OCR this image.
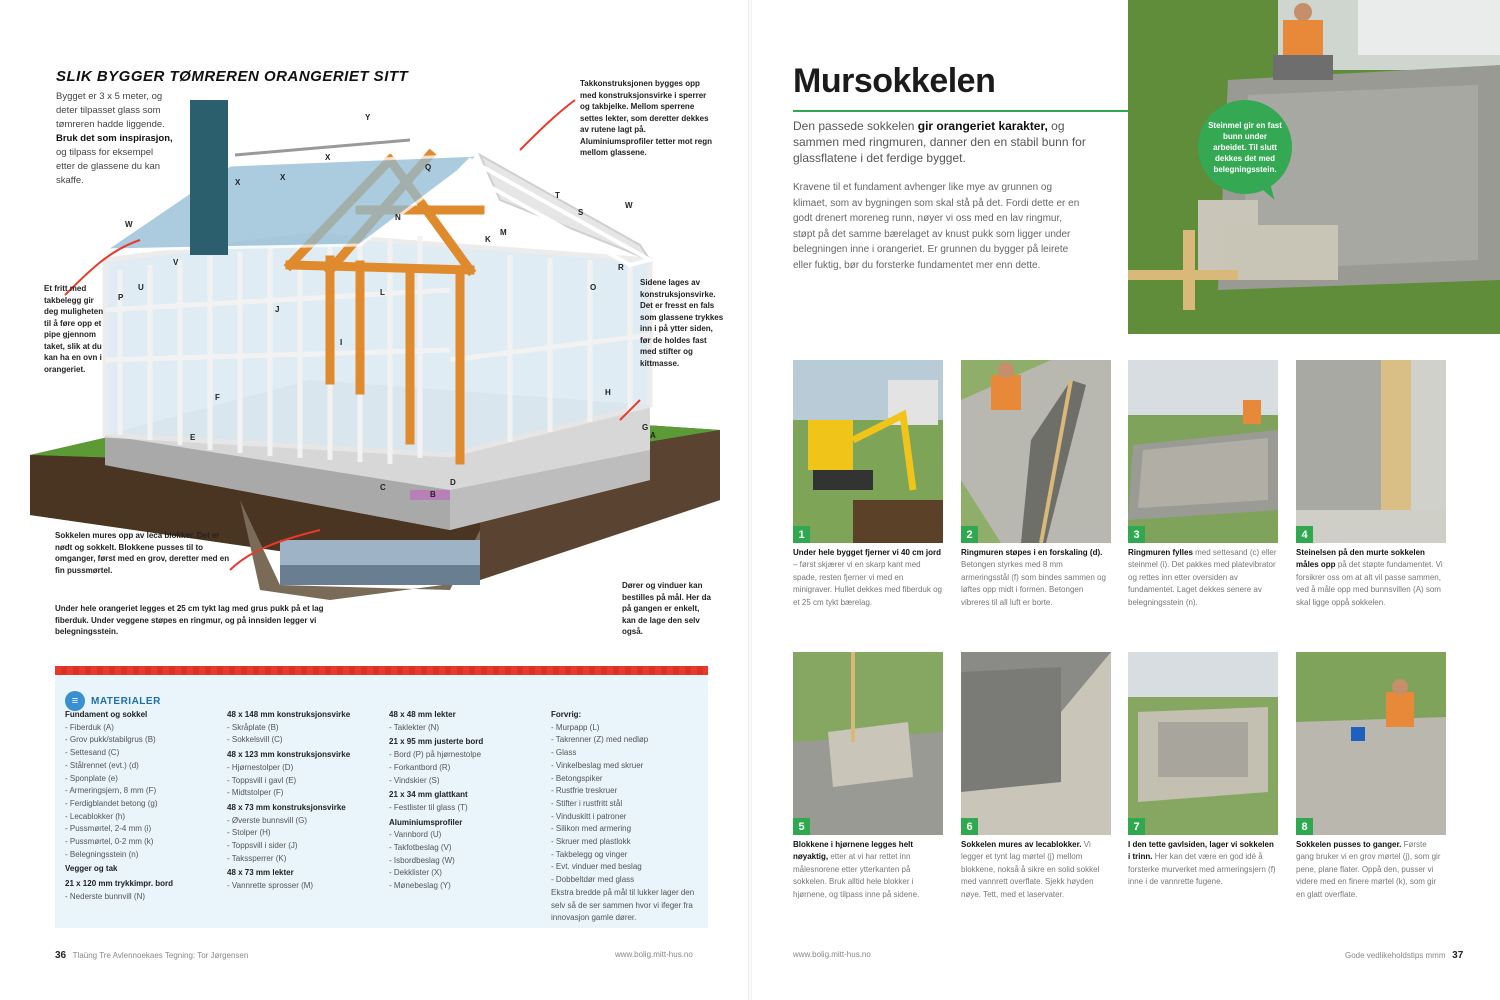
SLIK BYGGER TØMREREN ORANGERIET SITT
Bygget er 3 x 5 meter, og deter tilpasset glass som tømreren hadde liggende. Bruk det som inspirasjon, og tilpass for eksempel etter de glassene du kan skaffe.
Y
X
X
X
W
W
V
U
T
S
R
Q
P
O
N
M
L
K
J
I
H
G
F
E
D
C
B
A
Takkonstruksjonen bygges opp med konstruksjonsvirke i sperrer og takbjelke. Mellom sperrene settes lekter, som deretter dekkes av rutene lagt på. Aluminiumsprofiler tetter mot regn mellom glassene.
Et fritt med takbelegg gir deg muligheten til å føre opp et pipe gjennom taket, slik at du kan ha en ovn i orangeriet.
Sidene lages av konstruksjonsvirke. Det er fresst en fals som glassene trykkes inn i på ytter siden, før de holdes fast med stifter og kittmasse.
Sokkelen mures opp av leca blokker. Det er nødt og sokkelt. Blokkene pusses til to omganger, først med en grov, deretter med en fin pussmørtel.
Under hele orangeriet legges et 25 cm tykt lag med grus pukk på et lag fiberduk. Under veggene støpes en ringmur, og på innsiden legger vi belegningsstein.
Dører og vinduer kan bestilles på mål. Her da på gangen er enkelt, kan de lage den selv også.
≡	MATERIALER
Fundament og sokkel
- Fiberduk (A)
- Grov pukk/stabilgrus (B)
- Settesand (C)
- Stålrennet (evt.) (d)
- Sponplate (e)
- Armeringsjern, 8 mm (F)
- Ferdigblandet betong (g)
- Lecablokker (h)
- Pussmørtel, 2-4 mm (i)
- Pussmørtel, 0-2 mm (k)
- Belegningsstein (n)
Vegger og tak
21 x 120 mm trykkimpr. bord
- Nederste bunnvill (N)
48 x 148 mm konstruksjonsvirke
- Skråplate (B)
- Sokkelsvill (C)
48 x 123 mm konstruksjonsvirke
- Hjørnestolper (D)
- Toppsvill i gavl (E)
- Midtstolper (F)
48 x 73 mm konstruksjonsvirke
- Øverste bunnsvill (G)
- Stolper (H)
- Toppsvill i sider (J)
- Takssperrer (K)
48 x 73 mm lekter
- Vannrette sprosser (M)
48 x 48 mm lekter
- Taklekter (N)
21 x 95 mm justerte bord
- Bord (P) på hjørnestolpe
- Forkantbord (R)
- Vindskier (S)
21 x 34 mm glattkant
- Festlister til glass (T)
Aluminiumsprofiler
- Vannbord (U)
- Takfotbeslag (V)
- Isbordbeslag (W)
- Dekklister (X)
- Mønebeslag (Y)
Forvrig:
- Murpapp (L)
- Takrenner (Z) med nedløp
- Glass
- Vinkelbeslag med skruer
- Betongspiker
- Rustfrie treskruer
- Stifter i rustfritt stål
- Vinduskitt i patroner
- Silikon med armering
- Skruer med plastlokk
- Takbelegg og vinger
- Evt. vinduer med beslag
- Dobbeltdør med glass
Ekstra bredde på mål til lukker lager den selv så de ser sammen hvor vi ifeger fra innovasjon gamle dører.
36 Tlaüng Tre Avlennoekaes Tegning: Tor Jørgensen	www.bolig.mitt-hus.no
Mursokkelen
Den passede sokkelen gir orangeriet karakter, og sammen med ringmuren, danner den en stabil bunn for glassflatene i det ferdige bygget.
Kravene til et fundament avhenger like mye av grunnen og klimaet, som av bygningen som skal stå på det. Fordi dette er en godt drenert moreneg runn, nøyer vi oss med en lav ringmur, støpt på det samme bærelaget av knust pukk som ligger under belegningen inne i orangeriet. Er grunnen du bygger på leirete eller fuktig, bør du forsterke fundamentet mer enn dette.
Steinmel gir en fast bunn under arbeidet. Til slutt dekkes det med belegningsstein.
1
Under hele bygget fjerner vi 40 cm jord – først skjærer vi en skarp kant med spade, resten fjerner vi med en minigraver. Hullet dekkes med fiberduk og et 25 cm tykt bærelag.
2
Ringmuren støpes i en forskaling (d). Betongen styrkes med 8 mm armeringsstål (f) som bindes sammen og løftes opp midt i formen. Betongen vibreres til all luft er borte.
3
Ringmuren fylles med settesand (c) eller steinmel (i). Det pakkes med platevibrator og rettes inn etter oversiden av fundamentet. Laget dekkes senere av belegningsstein (n).
4
Steinelsen på den murte sokkelen måles opp på det støpte fundamentet. Vi forsikrer oss om at alt vil passe sammen, ved å måle opp med bunnsvillen (A) som skal ligge oppå sokkelen.
5
Blokkene i hjørnene legges helt nøyaktig, etter at vi har rettet inn målesnorene etter ytterkanten på sokkelen. Bruk alltid hele blokker i hjørnene, og tilpass inne på sidene.
6
Sokkelen mures av lecablokker. Vi legger et tynt lag mørtel (j) mellom blokkene, nokså å sikre en solid sokkel med vannrett overflate. Sjekk høyden nøye. Tett, med et laservater.
7
I den tette gavlsiden, lager vi sokkelen i trinn. Her kan det være en god idé å forsterke murverket med armeringsjern (f) inne i de vannrette fugene.
8
Sokkelen pusses to ganger. Første gang bruker vi en grov mørtel (j), som gir pene, plane flater. Oppå den, pusser vi videre med en finere mørtel (k), som gir en glatt overflate.
www.bolig.mitt-hus.no	Gode vedlikeholdstips mmm 37
